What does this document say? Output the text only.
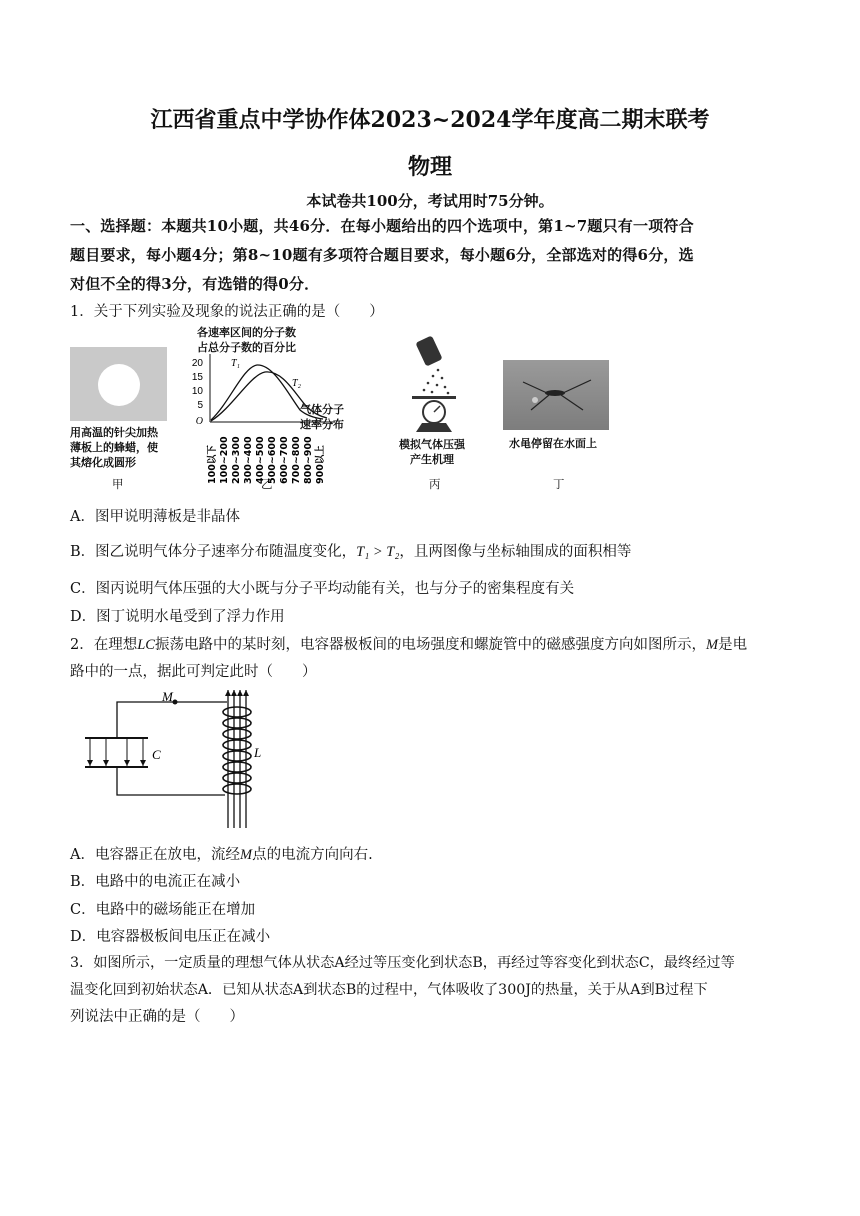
江西省重点中学协作体2023~2024学年度高二期末联考
物理
本试卷共100分，考试用时75分钟。
一、选择题：本题共10小题，共46分．在每小题给出的四个选项中，第1~7题只有一项符合
题目要求，每小题4分；第8~10题有多项符合题目要求，每小题6分，全部选对的得6分，选
对但不全的得3分，有选错的得0分．
1．关于下列实验及现象的说法正确的是（　　）
用高温的针尖加热
薄板上的蜂蜡，使
其熔化成圆形
甲
各速率区间的分子数
占总分子数的百分比
20
15
10
5
O
T₁
T₂
100以下 100~200 200~300 300~400 400~500 500~600 600~700 700~800 800~900 900以上
气体分子
速率分布
乙
模拟气体压强
产生机理
丙
水黾停留在水面上
丁
A．图甲说明薄板是非晶体
B．图乙说明气体分子速率分布随温度变化，T₁ > T₂，且两图像与坐标轴围成的面积相等
C．图丙说明气体压强的大小既与分子平均动能有关，也与分子的密集程度有关
D．图丁说明水黾受到了浮力作用
2．在理想LC振荡电路中的某时刻，电容器极板间的电场强度和螺旋管中的磁感强度方向如图所示，M是电
路中的一点，据此可判定此时（　　）
M
C	L
A．电容器正在放电，流经M点的电流方向向右.
B．电路中的电流正在减小
C．电路中的磁场能正在增加
D．电容器极板间电压正在减小
3．如图所示，一定质量的理想气体从状态A经过等压变化到状态B，再经过等容变化到状态C，最终经过等
温变化回到初始状态A．已知从状态A到状态B的过程中，气体吸收了300J的热量，关于从A到B过程下
列说法中正确的是（　　）
